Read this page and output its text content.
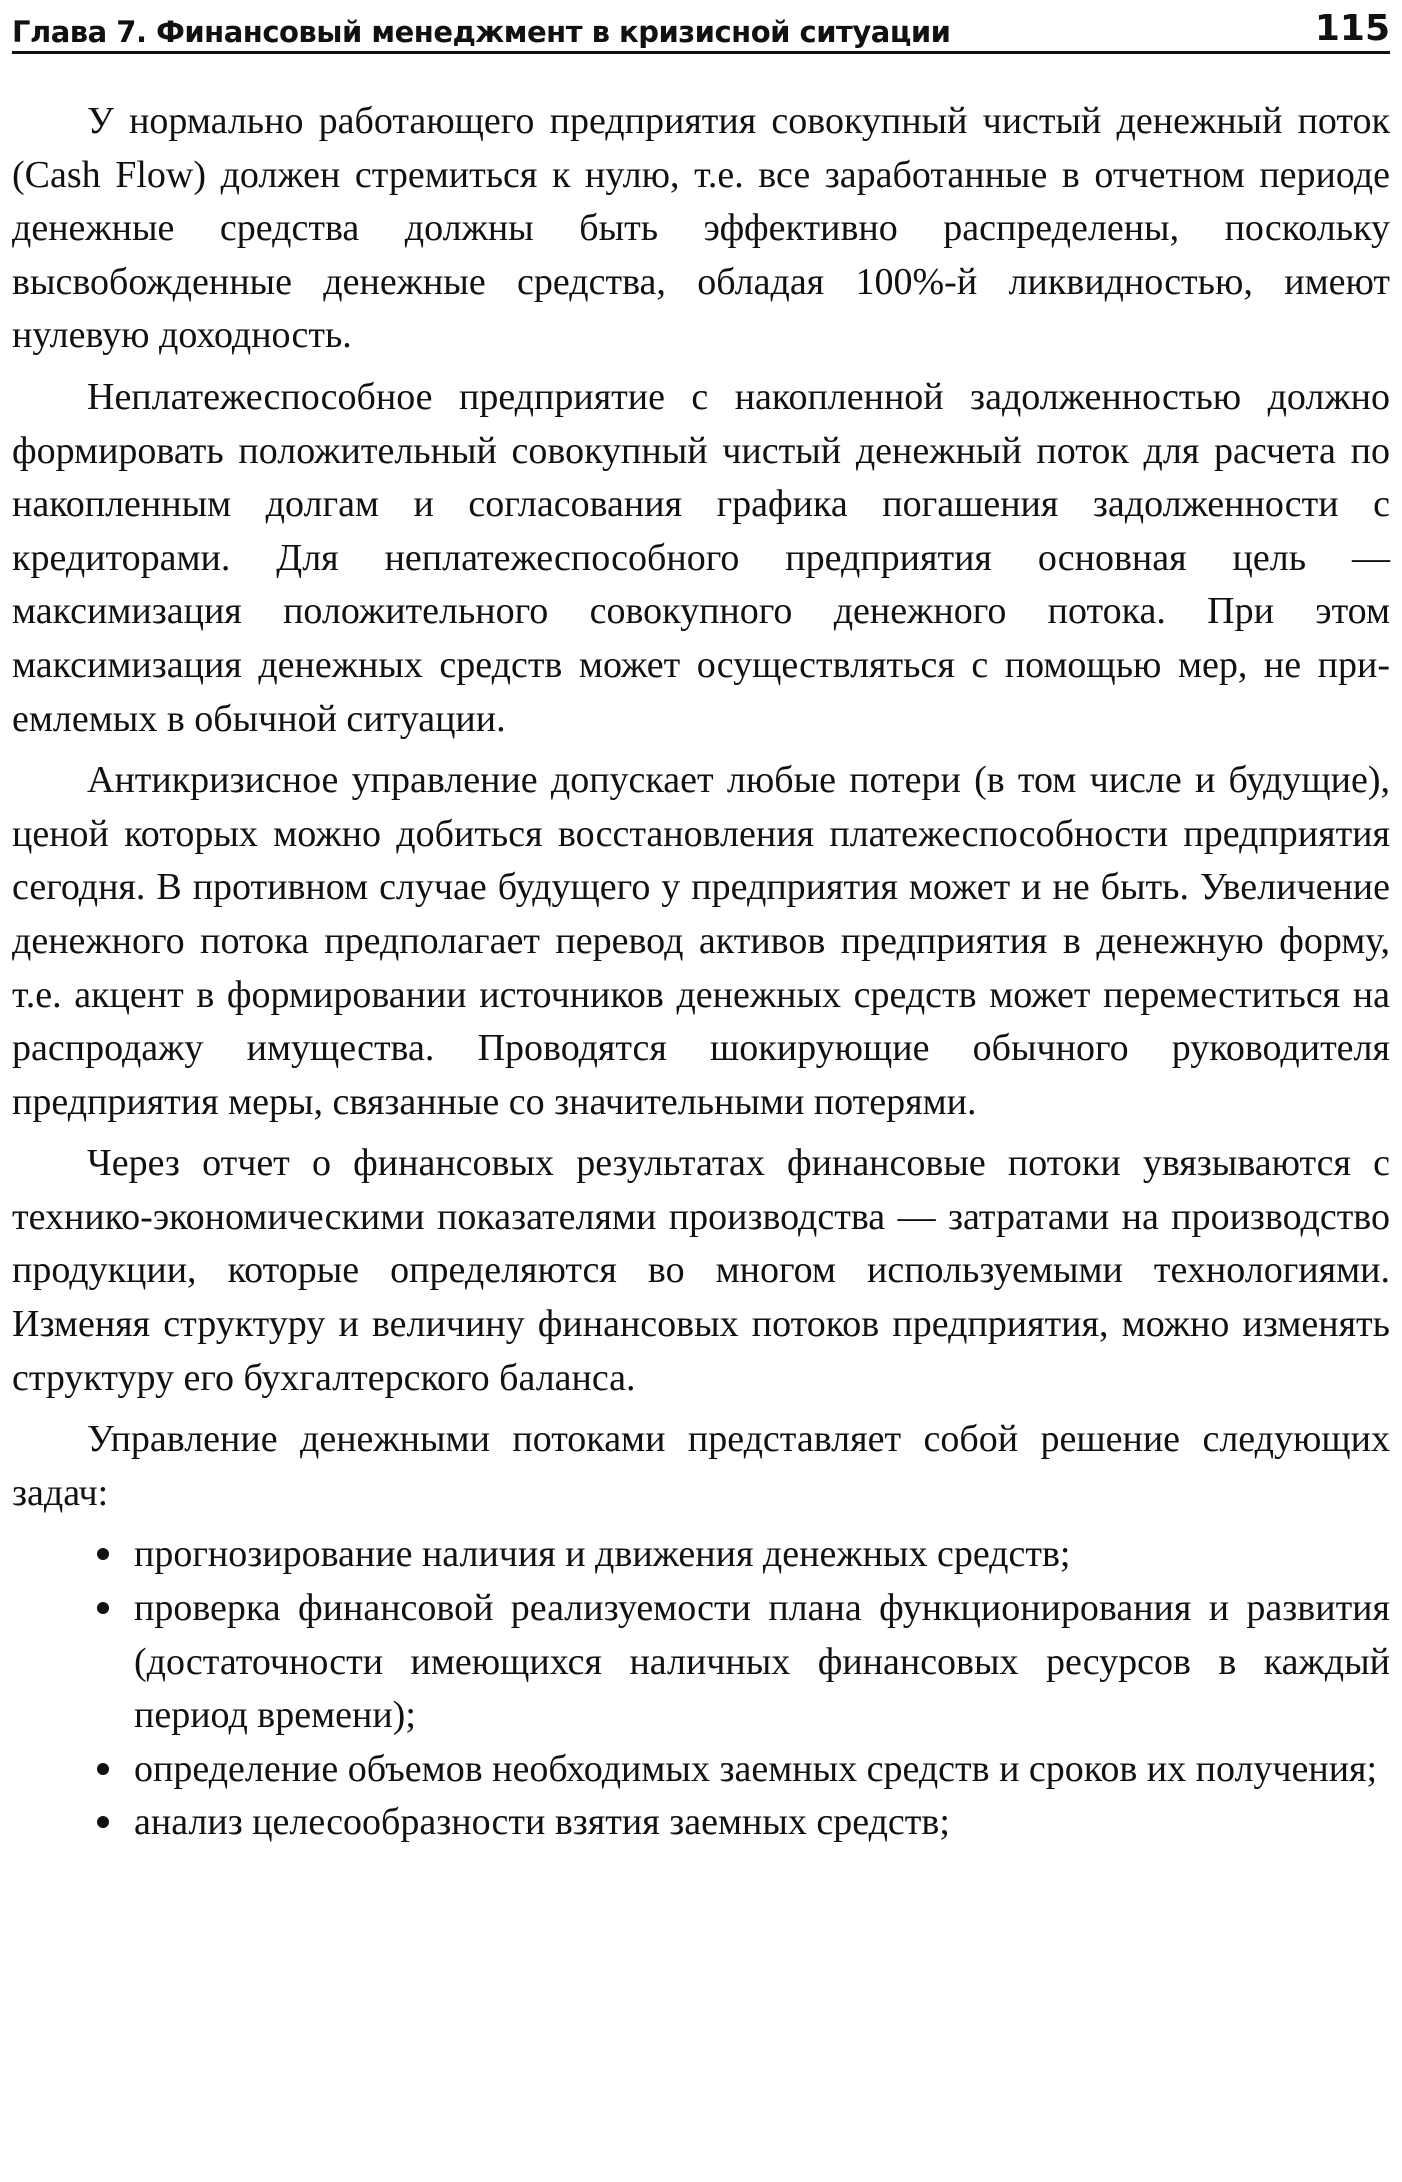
Глава 7. Финансовый менеджмент в кризисной ситуации	115

У нормально работающего предприятия совокупный чистый денежный поток (Cash Flow) должен стремиться к нулю, т.е. все заработанные в отчетном периоде денежные средства должны быть эффективно распределены, поскольку высвобожденные денежные средства, обладая 100%-й ликвидностью, имеют нулевую доходность.

Неплатежеспособное предприятие с накопленной задолженностью должно формировать положительный совокупный чистый денежный поток для расчета по накопленным долгам и согласования графика погашения задолженности с кредиторами. Для неплатежеспособного предприятия основная цель — максимизация положительного совокупного денежного потока. При этом максимизация денежных средств может осуществляться с помощью мер, не приемлемых в обычной ситуации.

Антикризисное управление допускает любые потери (в том числе и будущие), ценой которых можно добиться восстановления платежеспособности предприятия сегодня. В противном случае будущего у предприятия может и не быть. Увеличение денежного потока предполагает перевод активов предприятия в денежную форму, т.е. акцент в формировании источников денежных средств может переместиться на распродажу имущества. Проводятся шокирующие обычного руководителя предприятия меры, связанные со значительными потерями.

Через отчет о финансовых результатах финансовые потоки увязываются с технико-экономическими показателями производства — затратами на производство продукции, которые определяются во многом используемыми технологиями. Изменяя структуру и величину финансовых потоков предприятия, можно изменять структуру его бухгалтерского баланса.

Управление денежными потоками представляет собой решение следующих задач:

прогнозирование наличия и движения денежных средств;
проверка финансовой реализуемости плана функционирования и развития (достаточности имеющихся наличных финансовых ресурсов в каждый период времени);
определение объемов необходимых заемных средств и сроков их получения;
анализ целесообразности взятия заемных средств;
